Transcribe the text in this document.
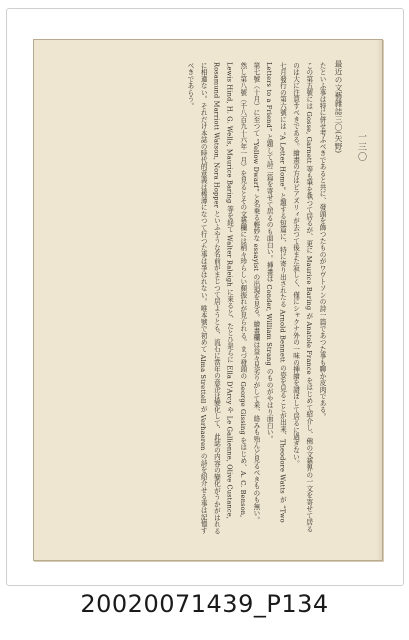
最近の文藝雜誌三〇(矢野) 一三〇

たといふ事は特に併せ考ふべきであると共に、發頭を飾つたものがワヴトソンの詩一篇であつた事も聊か皮肉である。

この第五號には Gosse, Garnett 等も筆を執つて居るが、更に Maurice Baring が Anatole France をはじめて紹介し、佛の文藝界の一文を寄せて居るのは大に注意すべきである。繪畫の方はビアズリィが去つて後また寂しく、僅にシャクナ外の一味の挿繪を譜ぼして居るに過ぎない。

七月發行の第六號には “A Letter Home” と題する短篇に、特に寄り出されたる Arnold Bennett の姿を見ることが出来、Theodore Watts が “Two Letters to a Friend” と題して詩二篇を寄せて居るのも面白い。挿畫は Conder, William Strang のものがやはり面白い。

第七號（十月）に至つて “Yellow Dwarf” と名乗る輕妙な essayist の出現を見る。繪畫欄は益々見劣りがして来、絡みも殆んど見るべきものも無い。

然し第八號（千八百九十六年一月）を見るとその文藝欄には稍々珍らしい顏振れが見られる。まづ發頭の George Gissing をはじめ、A. C. Benson, Lewis Hind, H. G. Wells, Maurice Baring 等を経て Walter Raleigh に來ると、たとひ是らに Ella D'Arcy や Le Gallienne, Olive Custance, Rosamund Marriott Watson, Nora Hopper といふやうな名前がまじつて居ようとも、流石に當年の意企は變化して、此誌の内容の變化がうかがはれるに相違ない。それだけ本誌の時代的意義は稀薄になつて行つた事は爭はれない。唯本號で初めて Alma Strettell が Verhaeren の詩を紹介せる事は記憶すべきであらう。

20020071439_P134
